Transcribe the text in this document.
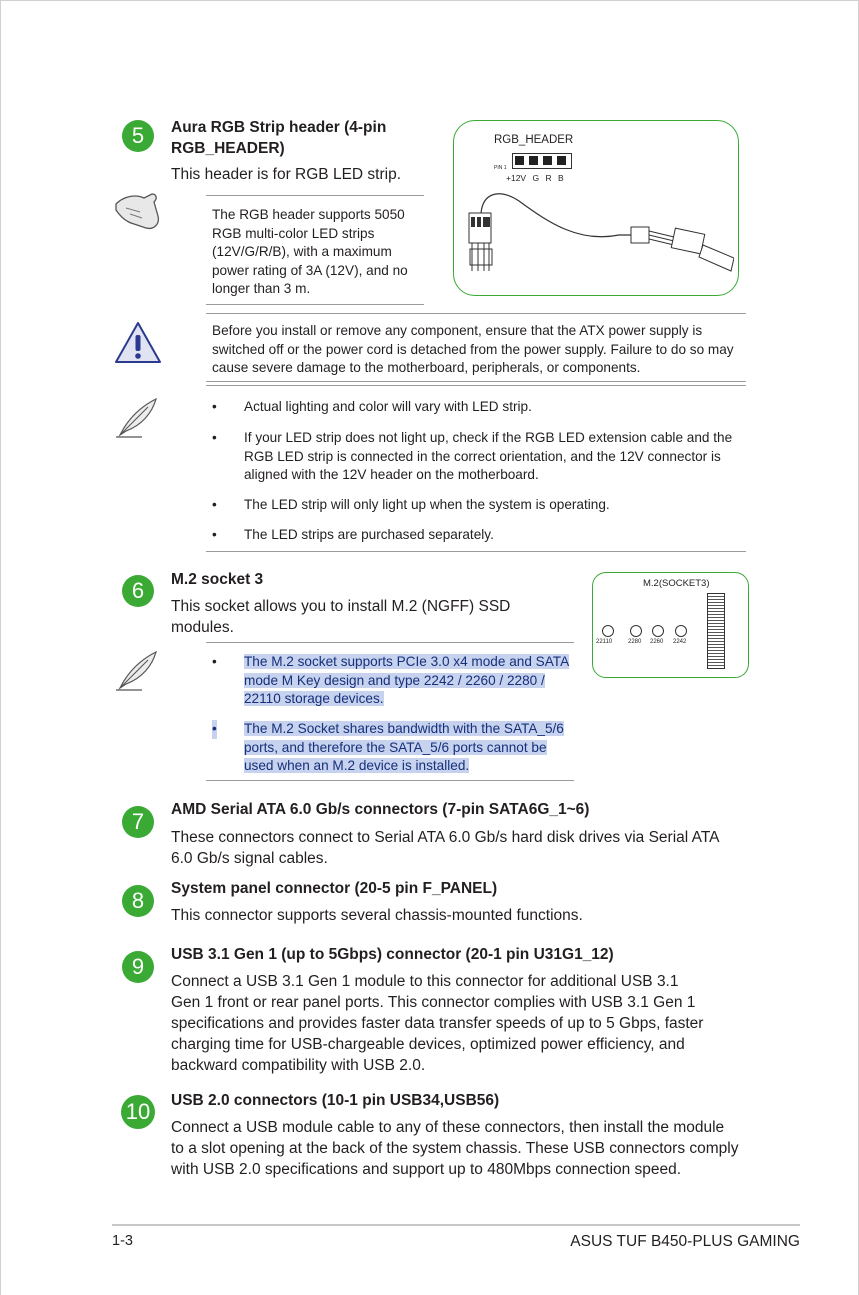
5	Aura RGB Strip header (4-pin
RGB_HEADER)
This header is for RGB LED strip.
RGB_HEADER
PIN 1
+12V G R B
The RGB header supports 5050
RGB multi-color LED strips
(12V/G/R/B), with a maximum
power rating of 3A (12V), and no
longer than 3 m.
Before you install or remove any component, ensure that the ATX power supply is
switched off or the power cord is detached from the power supply. Failure to do so may
cause severe damage to the motherboard, peripherals, or components.
• Actual lighting and color will vary with LED strip.
• If your LED strip does not light up, check if the RGB LED extension cable and the
RGB LED strip is connected in the correct orientation, and the 12V connector is
aligned with the 12V header on the motherboard.
• The LED strip will only light up when the system is operating.
• The LED strips are purchased separately.
6	M.2 socket 3
This socket allows you to install M.2 (NGFF) SSD
modules.
M.2(SOCKET3)
22110	2280 2260 2242
• The M.2 socket supports PCIe 3.0 x4 mode and SATA
mode M Key design and type 2242 / 2260 / 2280 /
22110 storage devices.
• The M.2 Socket shares bandwidth with the SATA_5/6
ports, and therefore the SATA_5/6 ports cannot be
used when an M.2 device is installed.
7	AMD Serial ATA 6.0 Gb/s connectors (7-pin SATA6G_1~6)
These connectors connect to Serial ATA 6.0 Gb/s hard disk drives via Serial ATA
6.0 Gb/s signal cables.
8	System panel connector (20-5 pin F_PANEL)
This connector supports several chassis-mounted functions.
9	USB 3.1 Gen 1 (up to 5Gbps) connector (20-1 pin U31G1_12)
Connect a USB 3.1 Gen 1 module to this connector for additional USB 3.1
Gen 1 front or rear panel ports. This connector complies with USB 3.1 Gen 1
specifications and provides faster data transfer speeds of up to 5 Gbps, faster
charging time for USB-chargeable devices, optimized power efficiency, and
backward compatibility with USB 2.0.
10	USB 2.0 connectors (10-1 pin USB34,USB56)
Connect a USB module cable to any of these connectors, then install the module
to a slot opening at the back of the system chassis. These USB connectors comply
with USB 2.0 specifications and support up to 480Mbps connection speed.
1-3	ASUS TUF B450-PLUS GAMING
